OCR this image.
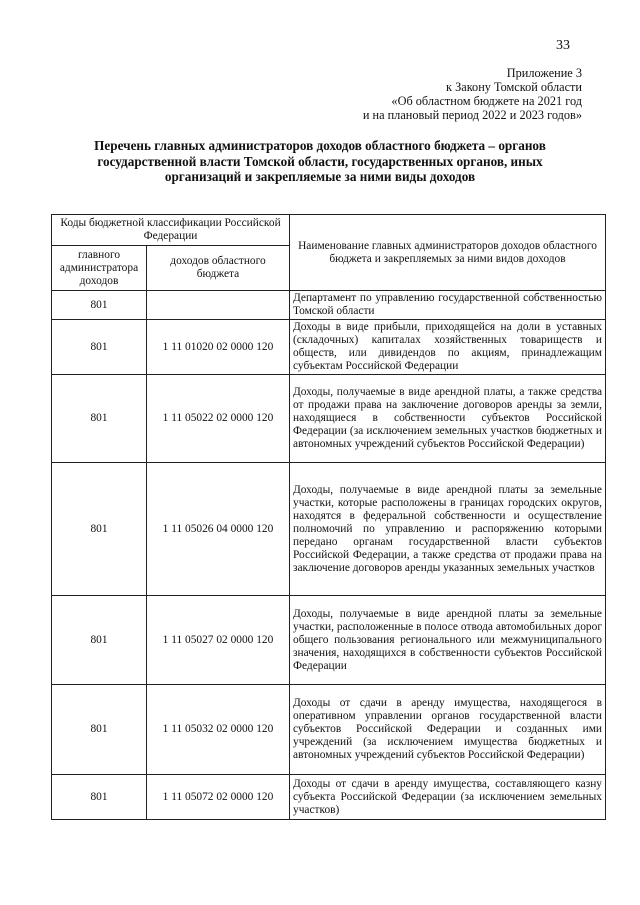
33
Приложение 3
к Закону Томской области
«Об областном бюджете на 2021 год
и на плановый период 2022 и 2023 годов»
Перечень главных администраторов доходов областного бюджета – органов
государственной власти Томской области, государственных органов, иных
организаций и закрепляемые за ними виды доходов
Коды бюджетной классификации Российской Федерации		Наименование главных администраторов доходов областного бюджета и закрепляемых за ними видов доходов
главного администратора доходов	доходов областного бюджета	
801		Департамент по управлению государственной собственностью Томской области
801	1 11 01020 02 0000 120	Доходы в виде прибыли, приходящейся на доли в уставных (складочных) капиталах хозяйственных товариществ и обществ, или дивидендов по акциям, принадлежащим субъектам Российской Федерации
801	1 11 05022 02 0000 120	Доходы, получаемые в виде арендной платы, а также средства от продажи права на заключение договоров аренды за земли, находящиеся в собственности субъектов Российской Федерации (за исключением земельных участков бюджетных и автономных учреждений субъектов Российской Федерации)
801	1 11 05026 04 0000 120	Доходы, получаемые в виде арендной платы за земельные участки, которые расположены в границах городских округов, находятся в федеральной собственности и осуществление полномочий по управлению и распоряжению которыми передано органам государственной власти субъектов Российской Федерации, а также средства от продажи права на заключение договоров аренды указанных земельных участков
801	1 11 05027 02 0000 120	Доходы, получаемые в виде арендной платы за земельные участки, расположенные в полосе отвода автомобильных дорог общего пользования регионального или межмуниципального значения, находящихся в собственности субъектов Российской Федерации
801	1 11 05032 02 0000 120	Доходы от сдачи в аренду имущества, находящегося в оперативном управлении органов государственной власти субъектов Российской Федерации и созданных ими учреждений (за исключением имущества бюджетных и автономных учреждений субъектов Российской Федерации)
801	1 11 05072 02 0000 120	Доходы от сдачи в аренду имущества, составляющего казну субъекта Российской Федерации (за исключением земельных участков)
